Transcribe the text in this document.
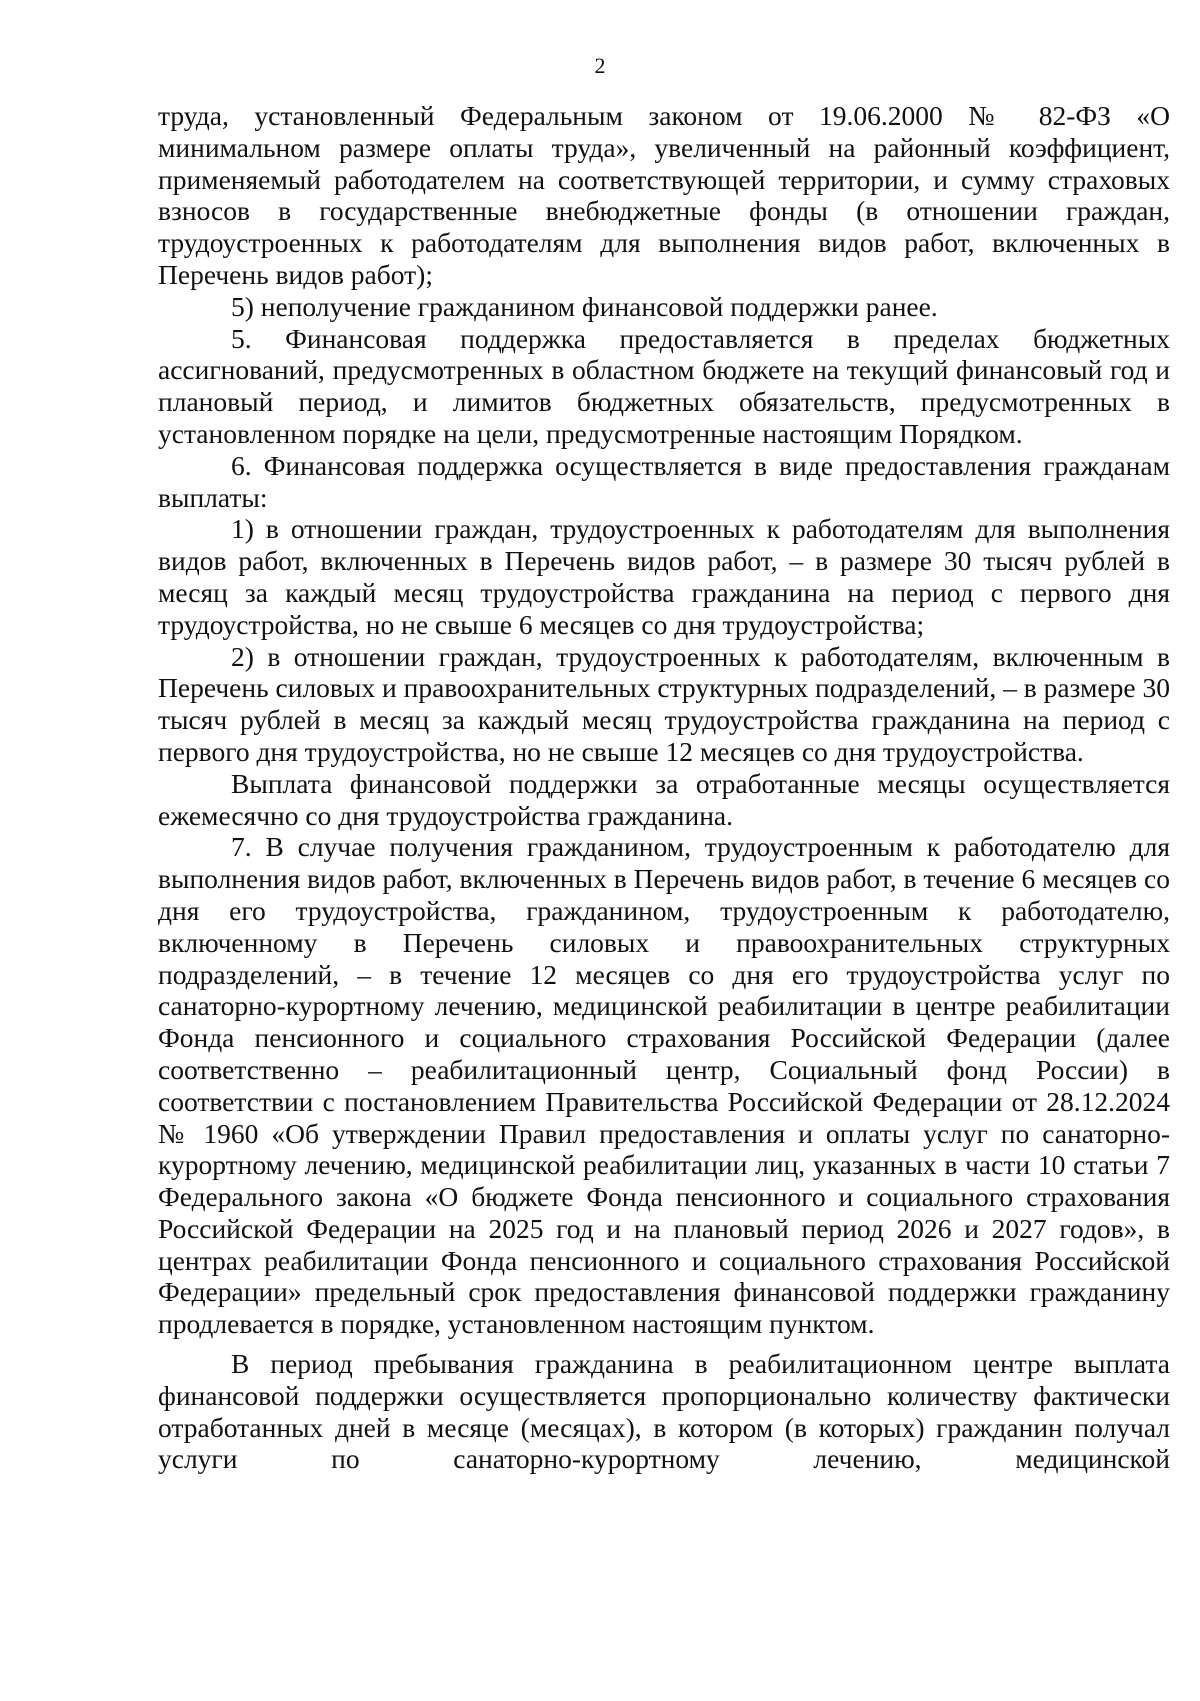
2

труда, установленный Федеральным законом от 19.06.2000 № 82-ФЗ «О минимальном размере оплаты труда», увеличенный на районный коэффициент, применяемый работодателем на соответствующей территории, и сумму страховых взносов в государственные внебюджетные фонды (в отношении граждан, трудоустроенных к работодателям для выполнения видов работ, включенных в Перечень видов работ);

5) неполучение гражданином финансовой поддержки ранее.

5. Финансовая поддержка предоставляется в пределах бюджетных ассигнований, предусмотренных в областном бюджете на текущий финансовый год и плановый период, и лимитов бюджетных обязательств, предусмотренных в установленном порядке на цели, предусмотренные настоящим Порядком.

6. Финансовая поддержка осуществляется в виде предоставления гражданам выплаты:

1) в отношении граждан, трудоустроенных к работодателям для выполнения видов работ, включенных в Перечень видов работ, – в размере 30 тысяч рублей в месяц за каждый месяц трудоустройства гражданина на период с первого дня трудоустройства, но не свыше 6 месяцев со дня трудоустройства;

2) в отношении граждан, трудоустроенных к работодателям, включенным в Перечень силовых и правоохранительных структурных подразделений, – в размере 30 тысяч рублей в месяц за каждый месяц трудоустройства гражданина на период с первого дня трудоустройства, но не свыше 12 месяцев со дня трудоустройства.

Выплата финансовой поддержки за отработанные месяцы осуществляется ежемесячно со дня трудоустройства гражданина.

7. В случае получения гражданином, трудоустроенным к работодателю для выполнения видов работ, включенных в Перечень видов работ, в течение 6 месяцев со дня его трудоустройства, гражданином, трудоустроенным к работодателю, включенному в Перечень силовых и правоохранительных структурных подразделений, – в течение 12 месяцев со дня его трудоустройства услуг по санаторно-курортному лечению, медицинской реабилитации в центре реабилитации Фонда пенсионного и социального страхования Российской Федерации (далее соответственно – реабилитационный центр, Социальный фонд России) в соответствии с постановлением Правительства Российской Федерации от 28.12.2024 № 1960 «Об утверждении Правил предоставления и оплаты услуг по санаторно-курортному лечению, медицинской реабилитации лиц, указанных в части 10 статьи 7 Федерального закона «О бюджете Фонда пенсионного и социального страхования Российской Федерации на 2025 год и на плановый период 2026 и 2027 годов», в центрах реабилитации Фонда пенсионного и социального страхования Российской Федерации» предельный срок предоставления финансовой поддержки гражданину продлевается в порядке, установленном настоящим пунктом.

В период пребывания гражданина в реабилитационном центре выплата финансовой поддержки осуществляется пропорционально количеству фактически отработанных дней в месяце (месяцах), в котором (в которых) гражданин получал услуги по санаторно-курортному лечению, медицинской
